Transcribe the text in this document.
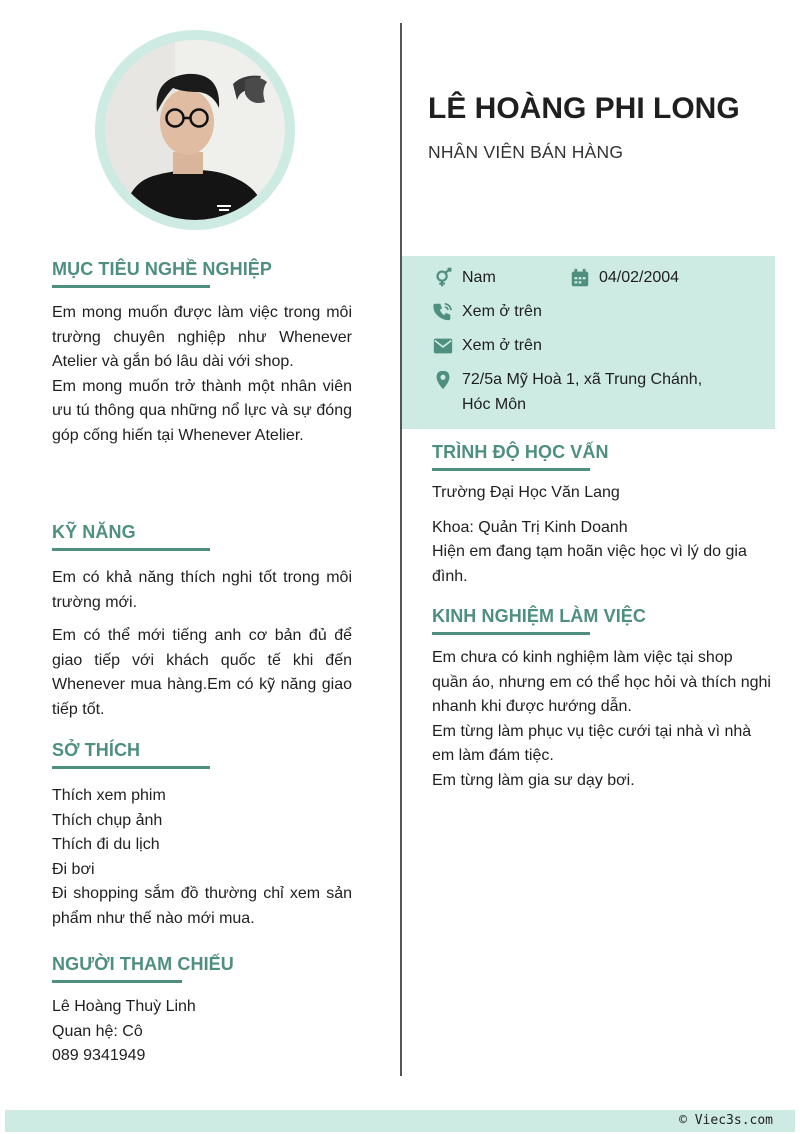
LÊ HOÀNG PHI LONG
NHÂN VIÊN BÁN HÀNG
Nam	04/02/2004
Xem ở trên
Xem ở trên
72/5a Mỹ Hoà 1, xã Trung Chánh,
Hóc Môn
MỤC TIÊU NGHỀ NGHIỆP

Em mong muốn được làm việc trong môi trường chuyên nghiệp như Whenever Atelier và gắn bó lâu dài với shop.

Em mong muốn trở thành một nhân viên ưu tú thông qua những nổ lực và sự đóng góp cống hiến tại Whenever Atelier.

KỸ NĂNG

Em có khả năng thích nghi tốt trong môi trường mới.

Em có thể mới tiếng anh cơ bản đủ để giao tiếp với khách quốc tế khi đến Whenever mua hàng.Em có kỹ năng giao tiếp tốt.

SỞ THÍCH

Thích xem phim

Thích chụp ảnh

Thích đi du lịch

Đi bơi

Đi shopping sắm đồ thường chỉ xem sản phẩm như thế nào mới mua.

NGƯỜI THAM CHIẾU

Lê Hoàng Thuỳ Linh

Quan hệ: Cô

089 9341949

TRÌNH ĐỘ HỌC VẤN

Trường Đại Học Văn Lang

Khoa: Quản Trị Kinh Doanh

Hiện em đang tạm hoãn việc học vì lý do gia đình.

KINH NGHIỆM LÀM VIỆC

Em chưa có kinh nghiệm làm việc tại shop quần áo, nhưng em có thể học hỏi và thích nghi nhanh khi được hướng dẫn.

Em từng làm phục vụ tiệc cưới tại nhà vì nhà em làm đám tiệc.

Em từng làm gia sư dạy bơi.

© Viec3s.com
